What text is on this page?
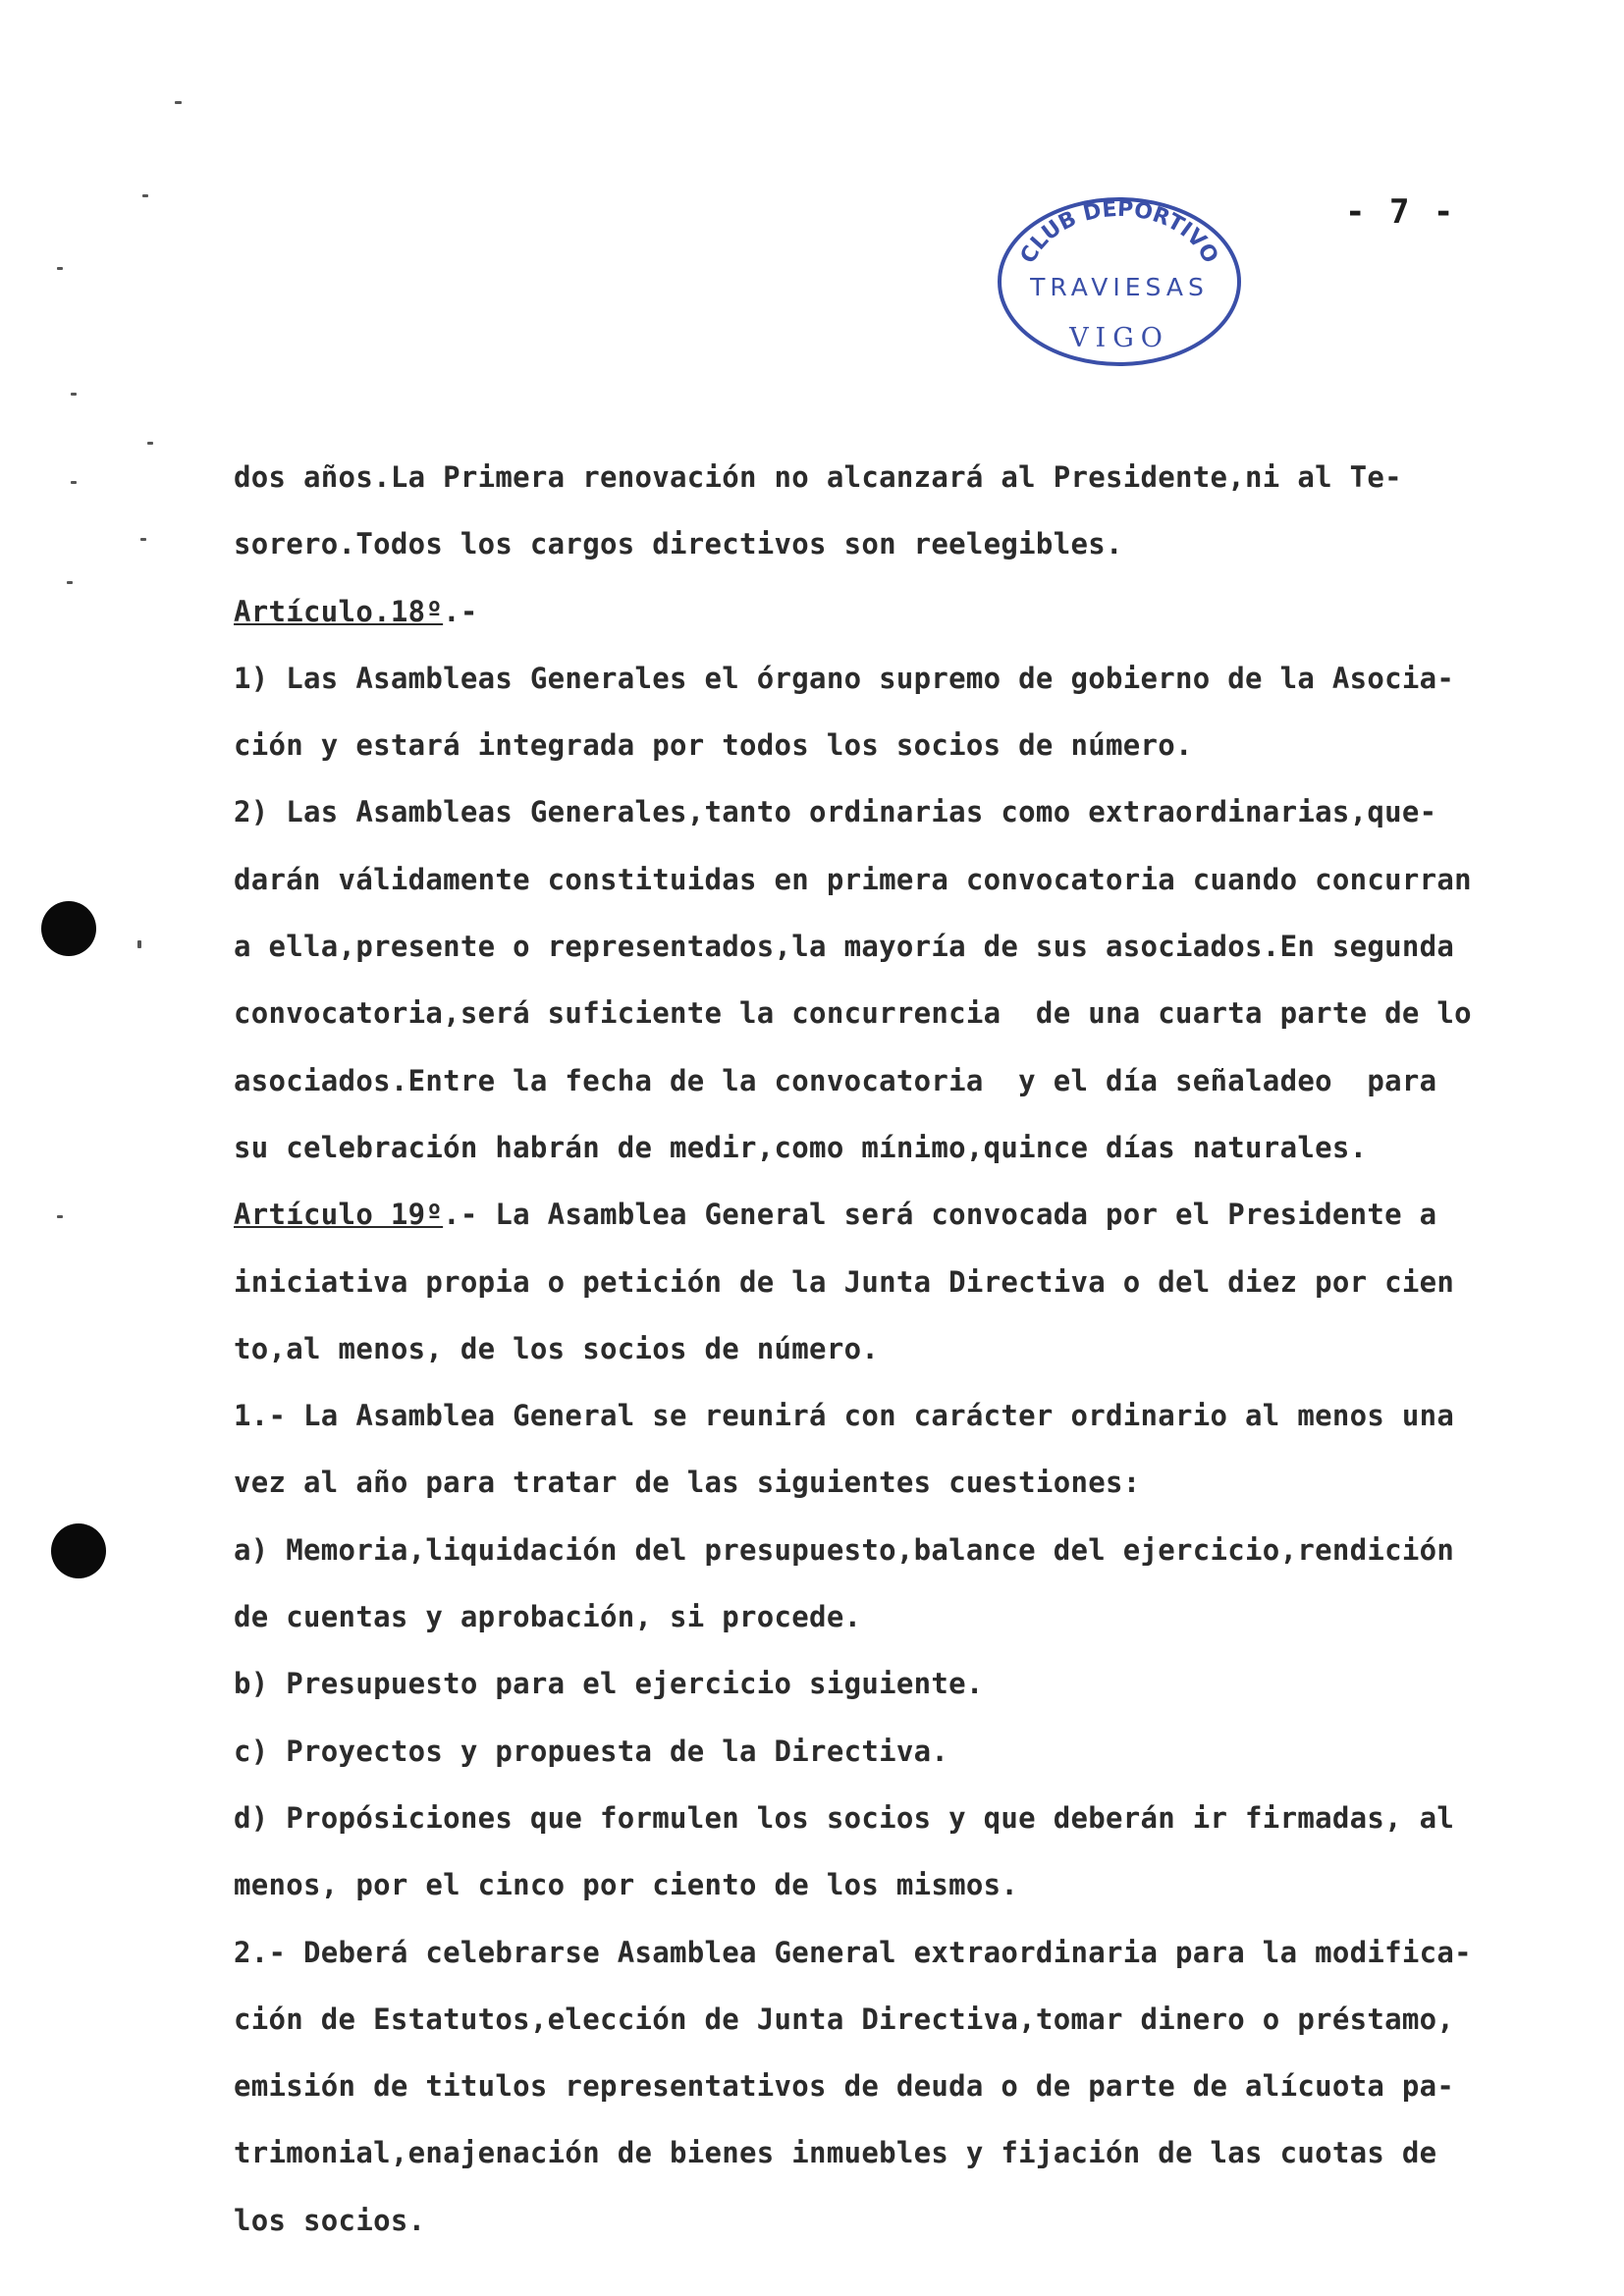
- 7 -
CLUB DEPORTIVO
TRAVIESAS
VIGO
dos años.La Primera renovación no alcanzará al Presidente,ni al Te-
sorero.Todos los cargos directivos son reelegibles.
Artículo.18º.-
1) Las Asambleas Generales el órgano supremo de gobierno de la Asocia-
ción y estará integrada por todos los socios de número.
2) Las Asambleas Generales,tanto ordinarias como extraordinarias,que-
darán válidamente constituidas en primera convocatoria cuando concurran
a ella,presente o representados,la mayoría de sus asociados.En segunda
convocatoria,será suficiente la concurrencia  de una cuarta parte de lo
asociados.Entre la fecha de la convocatoria  y el día señaladeo  para
su celebración habrán de medir,como mínimo,quince días naturales.
Artículo 19º.- La Asamblea General será convocada por el Presidente a
iniciativa propia o petición de la Junta Directiva o del diez por cien
to,al menos, de los socios de número.
1.- La Asamblea General se reunirá con carácter ordinario al menos una
vez al año para tratar de las siguientes cuestiones:
a) Memoria,liquidación del presupuesto,balance del ejercicio,rendición
de cuentas y aprobación, si procede.
b) Presupuesto para el ejercicio siguiente.
c) Proyectos y propuesta de la Directiva.
d) Propósiciones que formulen los socios y que deberán ir firmadas, al
menos, por el cinco por ciento de los mismos.
2.- Deberá celebrarse Asamblea General extraordinaria para la modifica-
ción de Estatutos,elección de Junta Directiva,tomar dinero o préstamo,
emisión de titulos representativos de deuda o de parte de alícuota pa-
trimonial,enajenación de bienes inmuebles y fijación de las cuotas de
los socios.
